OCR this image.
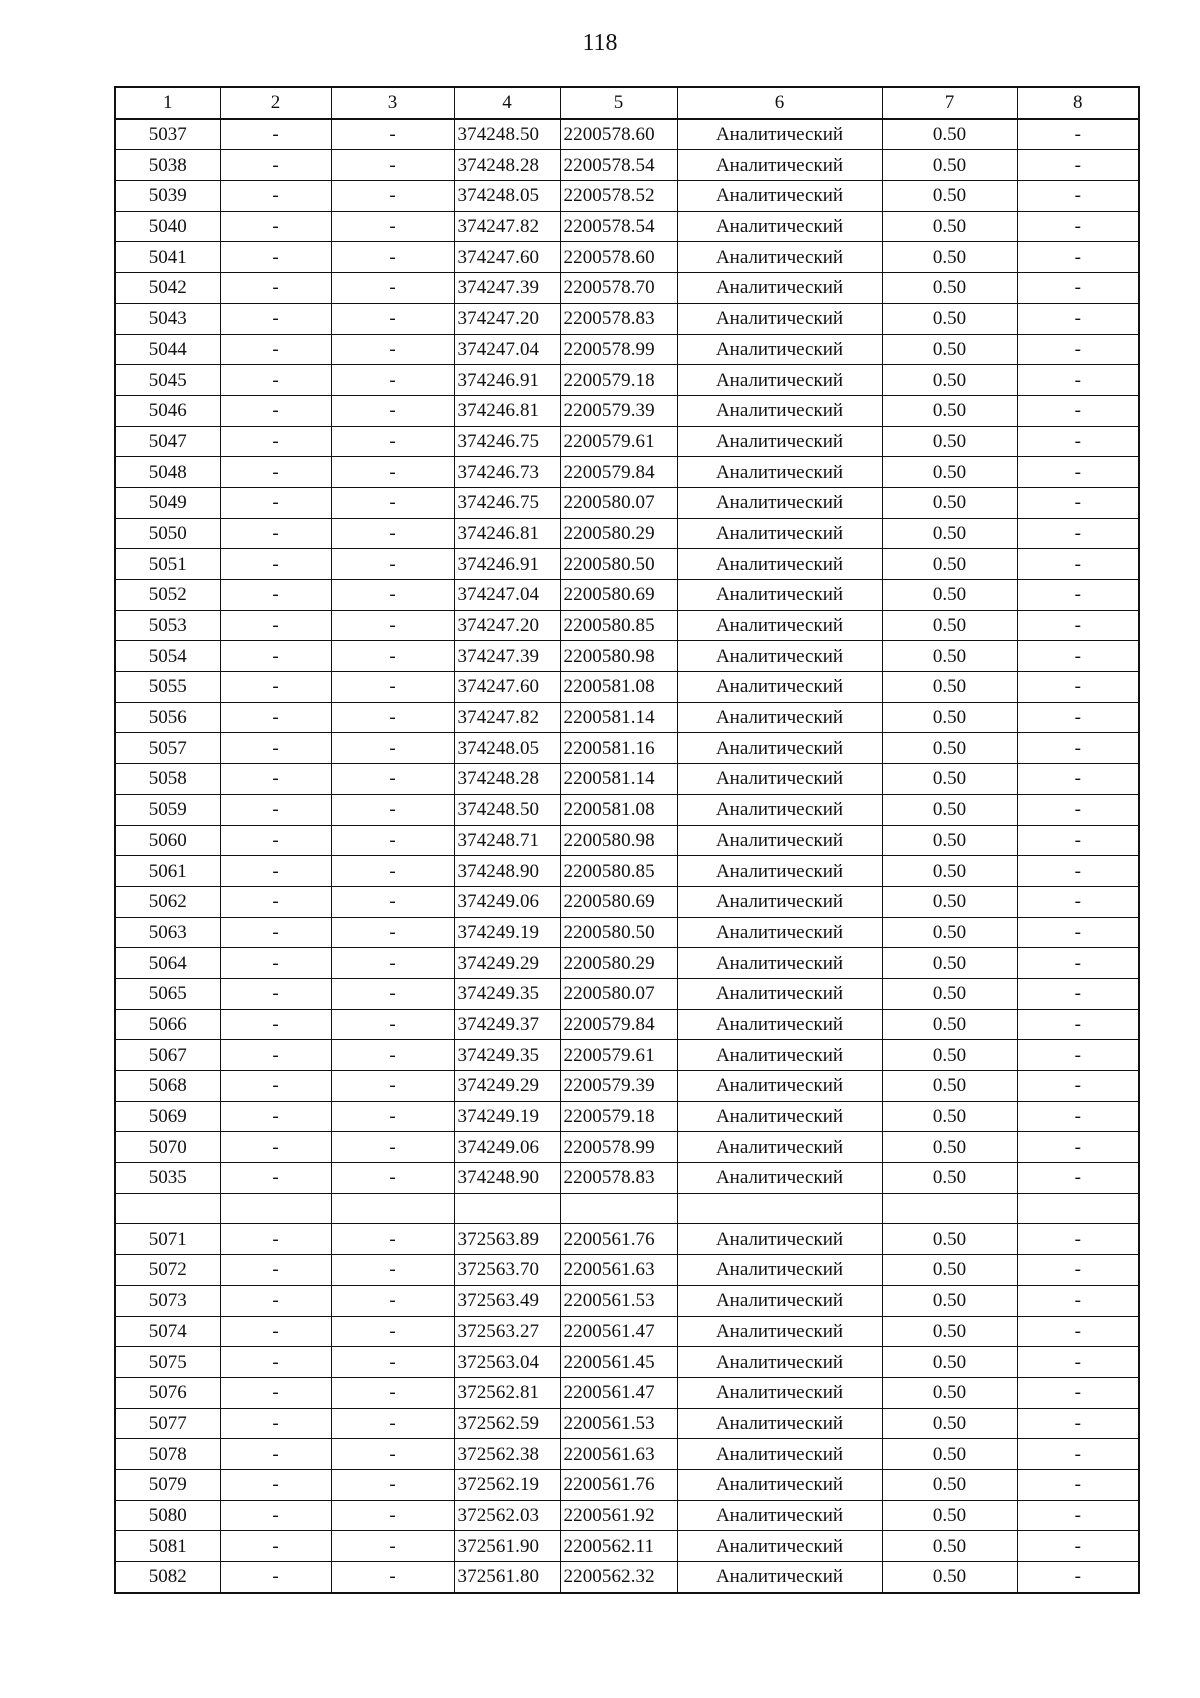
118
1	2	3	4	5	6	7	8
5037	-	-	374248.50	2200578.60	Аналитический	0.50	-
5038	-	-	374248.28	2200578.54	Аналитический	0.50	-
5039	-	-	374248.05	2200578.52	Аналитический	0.50	-
5040	-	-	374247.82	2200578.54	Аналитический	0.50	-
5041	-	-	374247.60	2200578.60	Аналитический	0.50	-
5042	-	-	374247.39	2200578.70	Аналитический	0.50	-
5043	-	-	374247.20	2200578.83	Аналитический	0.50	-
5044	-	-	374247.04	2200578.99	Аналитический	0.50	-
5045	-	-	374246.91	2200579.18	Аналитический	0.50	-
5046	-	-	374246.81	2200579.39	Аналитический	0.50	-
5047	-	-	374246.75	2200579.61	Аналитический	0.50	-
5048	-	-	374246.73	2200579.84	Аналитический	0.50	-
5049	-	-	374246.75	2200580.07	Аналитический	0.50	-
5050	-	-	374246.81	2200580.29	Аналитический	0.50	-
5051	-	-	374246.91	2200580.50	Аналитический	0.50	-
5052	-	-	374247.04	2200580.69	Аналитический	0.50	-
5053	-	-	374247.20	2200580.85	Аналитический	0.50	-
5054	-	-	374247.39	2200580.98	Аналитический	0.50	-
5055	-	-	374247.60	2200581.08	Аналитический	0.50	-
5056	-	-	374247.82	2200581.14	Аналитический	0.50	-
5057	-	-	374248.05	2200581.16	Аналитический	0.50	-
5058	-	-	374248.28	2200581.14	Аналитический	0.50	-
5059	-	-	374248.50	2200581.08	Аналитический	0.50	-
5060	-	-	374248.71	2200580.98	Аналитический	0.50	-
5061	-	-	374248.90	2200580.85	Аналитический	0.50	-
5062	-	-	374249.06	2200580.69	Аналитический	0.50	-
5063	-	-	374249.19	2200580.50	Аналитический	0.50	-
5064	-	-	374249.29	2200580.29	Аналитический	0.50	-
5065	-	-	374249.35	2200580.07	Аналитический	0.50	-
5066	-	-	374249.37	2200579.84	Аналитический	0.50	-
5067	-	-	374249.35	2200579.61	Аналитический	0.50	-
5068	-	-	374249.29	2200579.39	Аналитический	0.50	-
5069	-	-	374249.19	2200579.18	Аналитический	0.50	-
5070	-	-	374249.06	2200578.99	Аналитический	0.50	-
5035	-	-	374248.90	2200578.83	Аналитический	0.50	-

5071	-	-	372563.89	2200561.76	Аналитический	0.50	-
5072	-	-	372563.70	2200561.63	Аналитический	0.50	-
5073	-	-	372563.49	2200561.53	Аналитический	0.50	-
5074	-	-	372563.27	2200561.47	Аналитический	0.50	-
5075	-	-	372563.04	2200561.45	Аналитический	0.50	-
5076	-	-	372562.81	2200561.47	Аналитический	0.50	-
5077	-	-	372562.59	2200561.53	Аналитический	0.50	-
5078	-	-	372562.38	2200561.63	Аналитический	0.50	-
5079	-	-	372562.19	2200561.76	Аналитический	0.50	-
5080	-	-	372562.03	2200561.92	Аналитический	0.50	-
5081	-	-	372561.90	2200562.11	Аналитический	0.50	-
5082	-	-	372561.80	2200562.32	Аналитический	0.50	-
